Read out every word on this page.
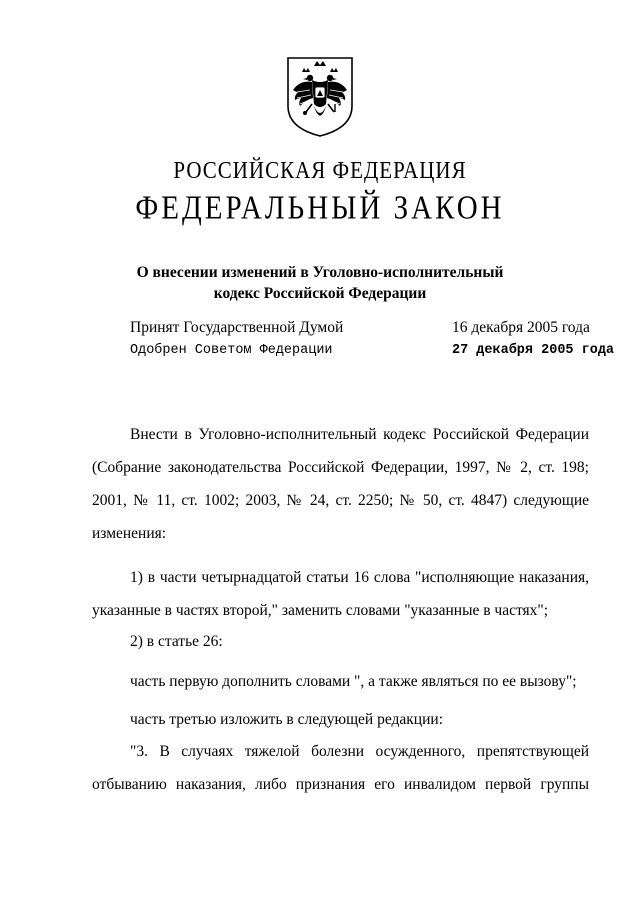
РОССИЙСКАЯ ФЕДЕРАЦИЯ
ФЕДЕРАЛЬНЫЙ ЗАКОН
О внесении изменений в Уголовно-исполнительный
кодекс Российской Федерации
Принят Государственной Думой	16 декабря 2005 года
Одобрен Советом Федерации	27 декабря 2005 года
Внести в Уголовно-исполнительный кодекс Российской Федерации (Собрание законодательства Российской Федерации, 1997, № 2, ст. 198; 2001, № 11, ст. 1002; 2003, № 24, ст. 2250; № 50, ст. 4847) следующие изменения:
1) в части четырнадцатой статьи 16 слова "исполняющие наказания, указанные в частях второй," заменить словами "указанные в частях";
2) в статье 26:
часть первую дополнить словами ", а также являться по ее вызову";
часть третью изложить в следующей редакции:
"3. В случаях тяжелой болезни осужденного, препятствующей отбыванию наказания, либо признания его инвалидом первой группы
